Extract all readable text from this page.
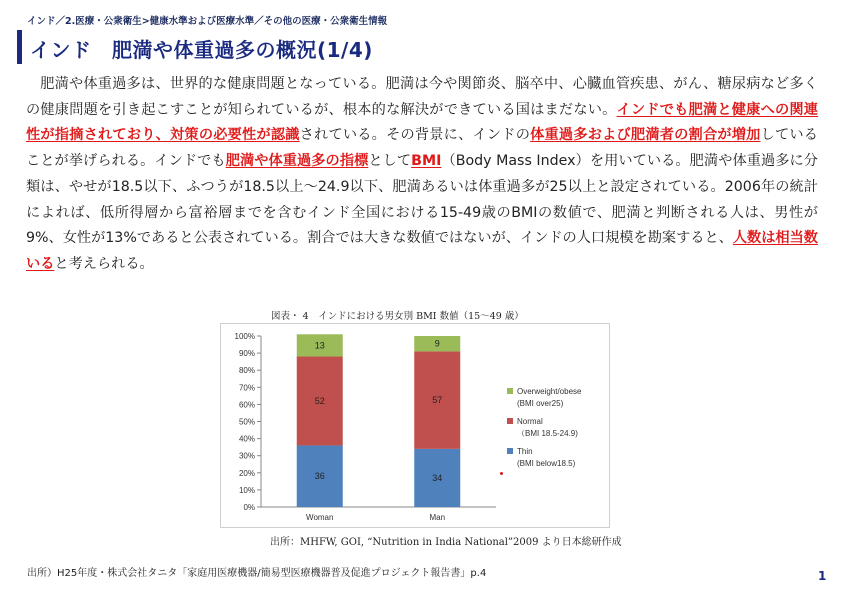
インド／2.医療・公衆衛生>健康水準および医療水準／その他の医療・公衆衛生情報
インド　肥満や体重過多の概況(1/4)
肥満や体重過多は、世界的な健康問題となっている。肥満は今や関節炎、脳卒中、心臓血管疾患、がん、糖尿病など多くの健康問題を引き起こすことが知られているが、根本的な解決ができている国はまだない。インドでも肥満と健康への関連性が指摘されており、対策の必要性が認識されている。その背景に、インドの体重過多および肥満者の割合が増加していることが挙げられる。インドでも肥満や体重過多の指標としてBMI（Body Mass Index）を用いている。肥満や体重過多に分類は、やせが18.5以下、ふつうが18.5以上～24.9以下、肥満あるいは体重過多が25以上と設定されている。2006年の統計によれば、低所得層から富裕層までを含むインド全国における15-49歳のBMIの数値で、肥満と判断される人は、男性が9%、女性が13%であると公表されている。割合では大きな数値ではないが、インドの人口規模を勘案すると、人数は相当数いると考えられる。
図表・ 4　インドにおける男女別 BMI 数値（15～49 歳）
0%
10%
20%
30%
40%
50%
60%
70%
80%
90%
100%
36
52
13
Woman
34
57
9
Man
Overweight/obese
(BMI over25)
Normal
（BMI 18.5-24.9)
Thin
(BMI below18.5)
出所：MHFW, GOI, “Nutrition in India National”2009 より日本総研作成
出所）H25年度・株式会社タニタ「家庭用医療機器/簡易型医療機器普及促進プロジェクト報告書」p.4	1
